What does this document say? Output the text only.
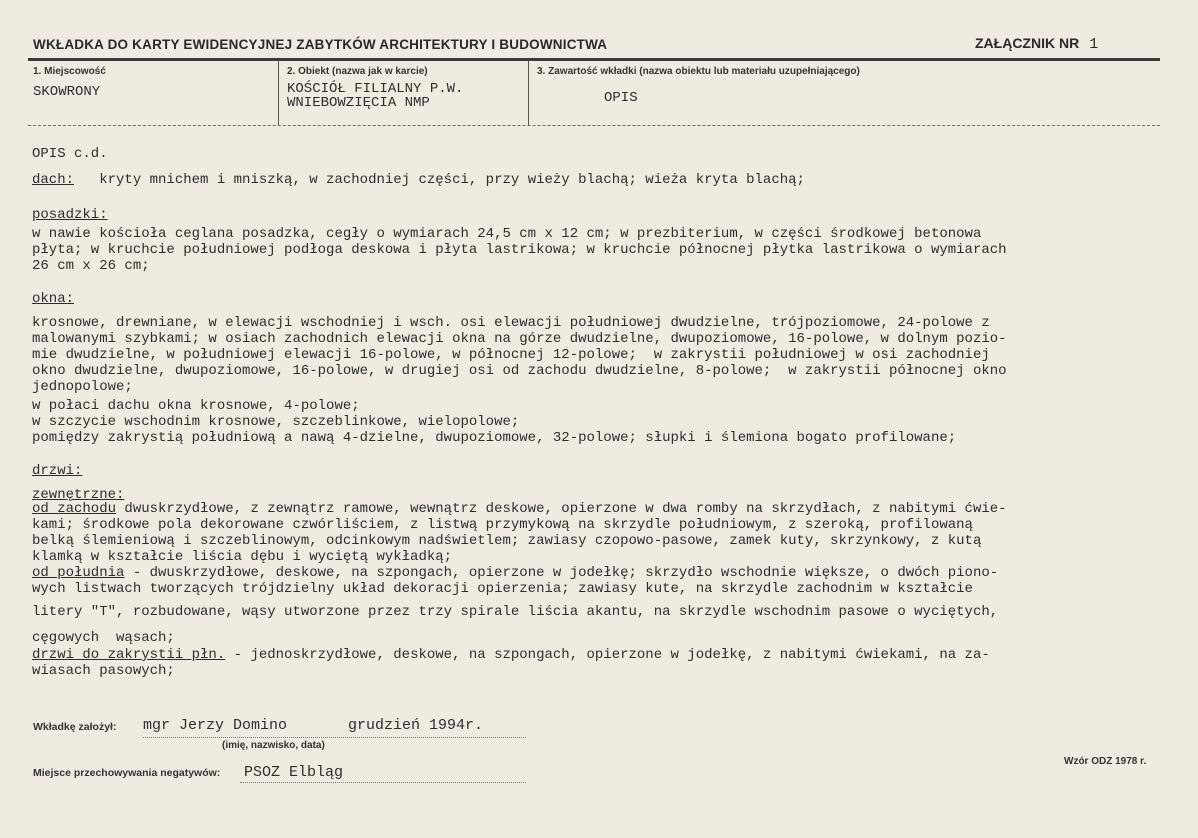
WKŁADKA DO KARTY EWIDENCYJNEJ ZABYTKÓW ARCHITEKTURY I BUDOWNICTWA	ZAŁĄCZNIK NR 1
1. Miejscowość
SKOWRONY
2. Obiekt (nazwa jak w karcie)
KOŚCIÓŁ FILIALNY P.W.
WNIEBOWZIĘCIA NMP
3. Zawartość wkładki (nazwa obiektu lub materiału uzupełniającego)
OPIS
OPIS c.d.
dach:   kryty mnichem i mniszką, w zachodniej części, przy wieży blachą; wieża kryta blachą;
posadzki:
w nawie kościoła ceglana posadzka, cegły o wymiarach 24,5 cm x 12 cm; w prezbiterium, w części środkowej betonowa
płyta; w kruchcie południowej podłoga deskowa i płyta lastrikowa; w kruchcie północnej płytka lastrikowa o wymiarach
26 cm x 26 cm;
okna:
krosnowe, drewniane, w elewacji wschodniej i wsch. osi elewacji południowej dwudzielne, trójpoziomowe, 24-polowe z
malowanymi szybkami; w osiach zachodnich elewacji okna na górze dwudzielne, dwupoziomowe, 16-polowe, w dolnym pozio-
mie dwudzielne, w południowej elewacji 16-polowe, w północnej 12-polowe;  w zakrystii południowej w osi zachodniej
okno dwudzielne, dwupoziomowe, 16-polowe, w drugiej osi od zachodu dwudzielne, 8-polowe;  w zakrystii północnej okno
jednopolowe;
w połaci dachu okna krosnowe, 4-polowe;
w szczycie wschodnim krosnowe, szczeblinkowe, wielopolowe;
pomiędzy zakrystią południową a nawą 4-dzielne, dwupoziomowe, 32-polowe; słupki i ślemiona bogato profilowane;
drzwi:
zewnętrzne:
od zachodu dwuskrzydłowe, z zewnątrz ramowe, wewnątrz deskowe, opierzone w dwa romby na skrzydłach, z nabitymi ćwie-
kami; środkowe pola dekorowane czwórliściem, z listwą przymykową na skrzydle południowym, z szeroką, profilowaną
belką ślemieniową i szczeblinowym, odcinkowym nadświetlem; zawiasy czopowo-pasowe, zamek kuty, skrzynkowy, z kutą
klamką w kształcie liścia dębu i wyciętą wykładką;
od południa - dwuskrzydłowe, deskowe, na szpongach, opierzone w jodełkę; skrzydło wschodnie większe, o dwóch piono-
wych listwach tworzących trójdzielny układ dekoracji opierzenia; zawiasy kute, na skrzydle zachodnim w kształcie
litery "T", rozbudowane, wąsy utworzone przez trzy spirale liścia akantu, na skrzydle wschodnim pasowe o wyciętych,
cęgowych  wąsach;
drzwi do zakrystii płn. - jednoskrzydłowe, deskowe, na szpongach, opierzone w jodełkę, z nabitymi ćwiekami, na za-
wiasach pasowych;
Wkładkę założył: mgr Jerzy Domino	grudzień 1994r.
(imię, nazwisko, data)
Miejsce przechowywania negatywów: PSOZ Elbląg
Wzór ODZ 1978 r.
